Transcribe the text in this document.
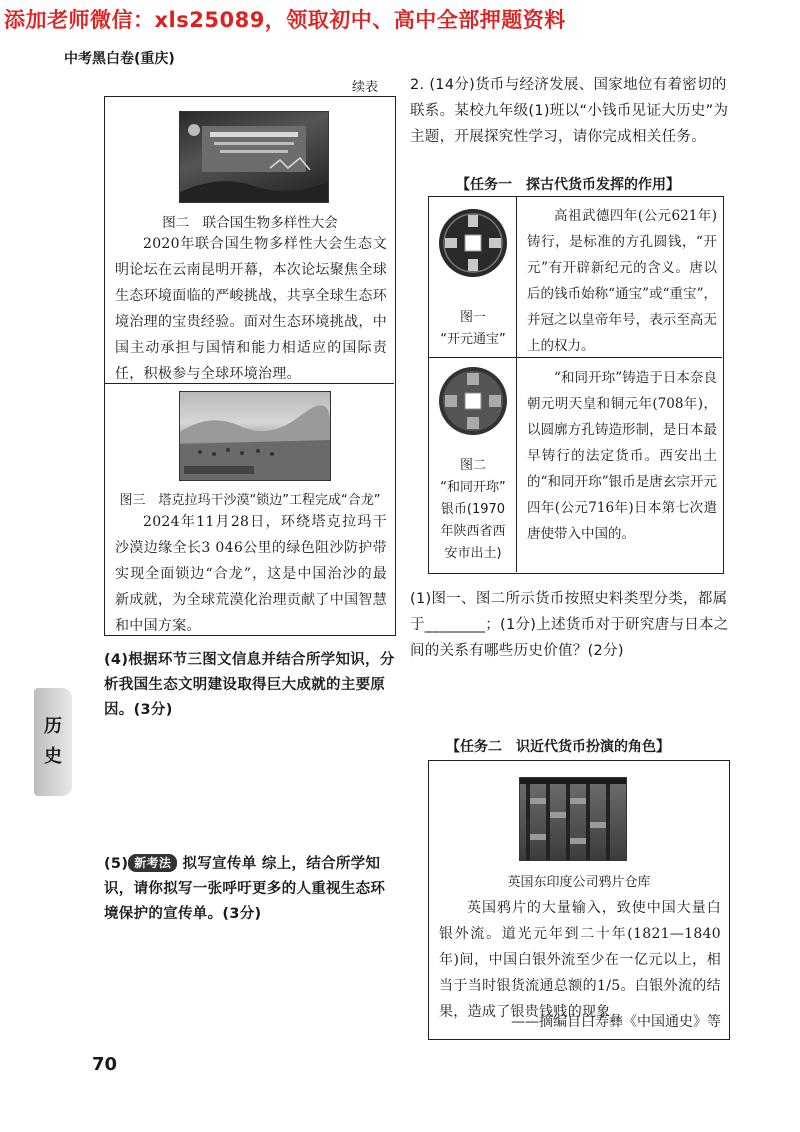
添加老师微信：xls25089，领取初中、高中全部押题资料
中考黑白卷(重庆)
续表
图二　联合国生物多样性大会
2020年联合国生物多样性大会生态文明论坛在云南昆明开幕，本次论坛聚焦全球生态环境面临的严峻挑战，共享全球生态环境治理的宝贵经验。面对生态环境挑战，中国主动承担与国情和能力相适应的国际责任，积极参与全球环境治理。
图三　塔克拉玛干沙漠“锁边”工程完成“合龙”
2024年11月28日，环绕塔克拉玛干沙漠边缘全长3 046公里的绿色阻沙防护带实现全面锁边“合龙”，这是中国治沙的最新成就，为全球荒漠化治理贡献了中国智慧和中国方案。
(4)根据环节三图文信息并结合所学知识，分析我国生态文明建设取得巨大成就的主要原因。(3分)
(5) 新考法 拟写宣传单 综上，结合所学知识，请你拟写一张呼吁更多的人重视生态环境保护的宣传单。(3分)
历
史
2. (14分)货币与经济发展、国家地位有着密切的联系。某校九年级(1)班以“小钱币见证大历史”为主题，开展探究性学习，请你完成相关任务。
【任务一　探古代货币发挥的作用】
图一
“开元通宝”
高祖武德四年(公元621年)铸行，是标准的方孔圆钱，“开元”有开辟新纪元的含义。唐以后的钱币始称“通宝”或“重宝”，并冠之以皇帝年号，表示至高无上的权力。
图二
“和同开珎”
银币(1970
年陕西省西
安市出土)
“和同开珎”铸造于日本奈良朝元明天皇和铜元年(708年)，以圆廓方孔铸造形制，是日本最早铸行的法定货币。西安出土的“和同开珎”银币是唐玄宗开元四年(公元716年)日本第七次遣唐使带入中国的。
(1)图一、图二所示货币按照史料类型分类，都属于________；(1分)上述货币对于研究唐与日本之间的关系有哪些历史价值？(2分)
【任务二　识近代货币扮演的角色】
英国东印度公司鸦片仓库
英国鸦片的大量输入，致使中国大量白银外流。道光元年到二十年(1821—1840年)间，中国白银外流至少在一亿元以上，相当于当时银货流通总额的1/5。白银外流的结果，造成了银贵钱贱的现象
——摘编自白寿彝《中国通史》等
70
